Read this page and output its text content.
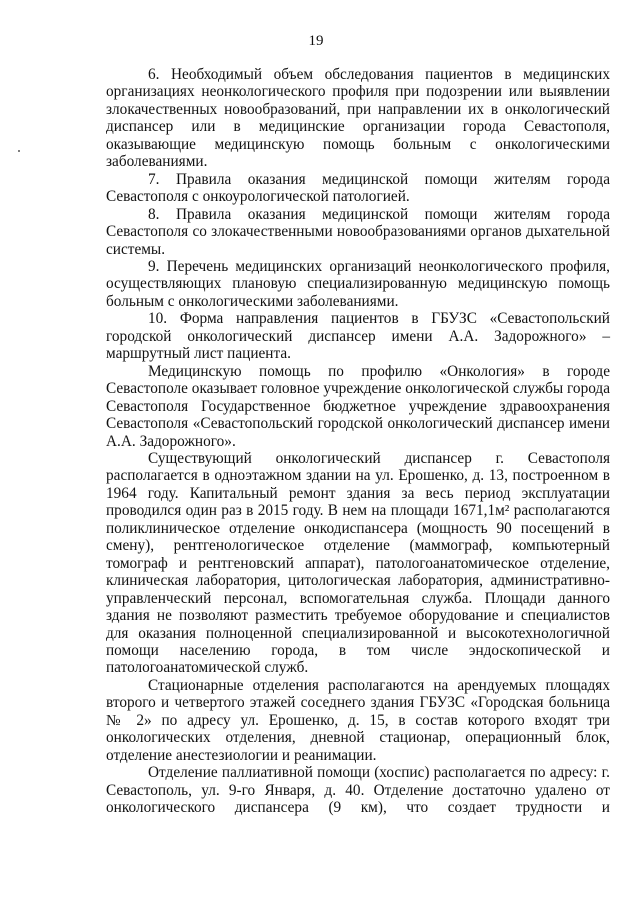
19

6. Необходимый объем обследования пациентов в медицинских организациях неонкологического профиля при подозрении или выявлении злокачественных новообразований, при направлении их в онкологический диспансер или в медицинские организации города Севастополя, оказывающие медицинскую помощь больным с онкологическими заболеваниями.

7. Правила оказания медицинской помощи жителям города Севастополя с онкоурологической патологией.

8. Правила оказания медицинской помощи жителям города Севастополя со злокачественными новообразованиями органов дыхательной системы.

9. Перечень медицинских организаций неонкологического профиля, осуществляющих плановую специализированную медицинскую помощь больным с онкологическими заболеваниями.

10. Форма направления пациентов в ГБУЗС «Севастопольский городской онкологический диспансер имени А.А. Задорожного» – маршрутный лист пациента.

Медицинскую помощь по профилю «Онкология» в городе Севастополе оказывает головное учреждение онкологической службы города Севастополя Государственное бюджетное учреждение здравоохранения Севастополя «Севастопольский городской онкологический диспансер имени А.А. Задорожного».

Существующий онкологический диспансер г. Севастополя располагается в одноэтажном здании на ул. Ерошенко, д. 13, построенном в 1964 году. Капитальный ремонт здания за весь период эксплуатации проводился один раз в 2015 году. В нем на площади 1671,1м² располагаются поликлиническое отделение онкодиспансера (мощность 90 посещений в смену), рентгенологическое отделение (маммограф, компьютерный томограф и рентгеновский аппарат), патологоанатомическое отделение, клиническая лаборатория, цитологическая лаборатория, административно-управленческий персонал, вспомогательная служба. Площади данного здания не позволяют разместить требуемое оборудование и специалистов для оказания полноценной специализированной и высокотехнологичной помощи населению города, в том числе эндоскопической и патологоанатомической служб.

Стационарные отделения располагаются на арендуемых площадях второго и четвертого этажей соседнего здания ГБУЗС «Городская больница № 2» по адресу ул. Ерошенко, д. 15, в состав которого входят три онкологических отделения, дневной стационар, операционный блок, отделение анестезиологии и реанимации.

Отделение паллиативной помощи (хоспис) располагается по адресу: г. Севастополь, ул. 9-го Января, д. 40. Отделение достаточно удалено от онкологического диспансера (9 км), что создает трудности и
